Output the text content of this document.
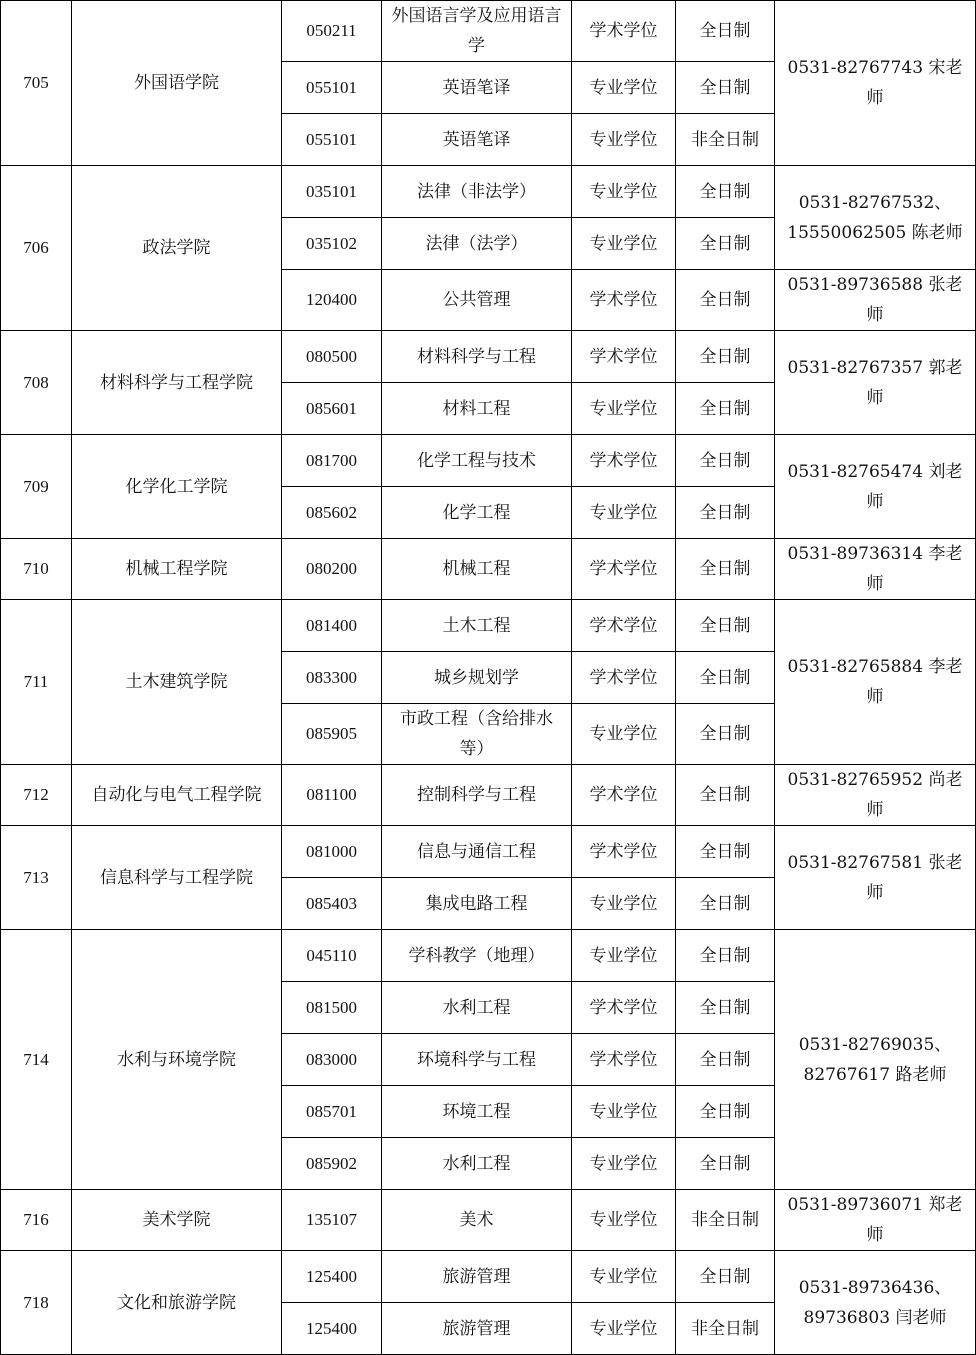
705	外国语学院	050211	外国语言学及应用语言学	学术学位	全日制	0531-82767743 宋老师
		055101	英语笔译	专业学位	全日制	
		055101	英语笔译	专业学位	非全日制	
706	政法学院	035101	法律（非法学）	专业学位	全日制	0531-82767532、15550062505 陈老师
		035102	法律（法学）	专业学位	全日制	
		120400	公共管理	学术学位	全日制	0531-89736588 张老师
708	材料科学与工程学院	080500	材料科学与工程	学术学位	全日制	0531-82767357 郭老师
		085601	材料工程	专业学位	全日制	
709	化学化工学院	081700	化学工程与技术	学术学位	全日制	0531-82765474 刘老师
		085602	化学工程	专业学位	全日制	
710	机械工程学院	080200	机械工程	学术学位	全日制	0531-89736314 李老师
711	土木建筑学院	081400	土木工程	学术学位	全日制	0531-82765884 李老师
		083300	城乡规划学	学术学位	全日制	
		085905	市政工程（含给排水等）	专业学位	全日制	
712	自动化与电气工程学院	081100	控制科学与工程	学术学位	全日制	0531-82765952 尚老师
713	信息科学与工程学院	081000	信息与通信工程	学术学位	全日制	0531-82767581 张老师
		085403	集成电路工程	专业学位	全日制	
714	水利与环境学院	045110	学科教学（地理）	专业学位	全日制	0531-82769035、82767617 路老师
		081500	水利工程	学术学位	全日制	
		083000	环境科学与工程	学术学位	全日制	
		085701	环境工程	专业学位	全日制	
		085902	水利工程	专业学位	全日制	
716	美术学院	135107	美术	专业学位	非全日制	0531-89736071 郑老师
718	文化和旅游学院	125400	旅游管理	专业学位	全日制	0531-89736436、89736803 闫老师
		125400	旅游管理	专业学位	非全日制	
